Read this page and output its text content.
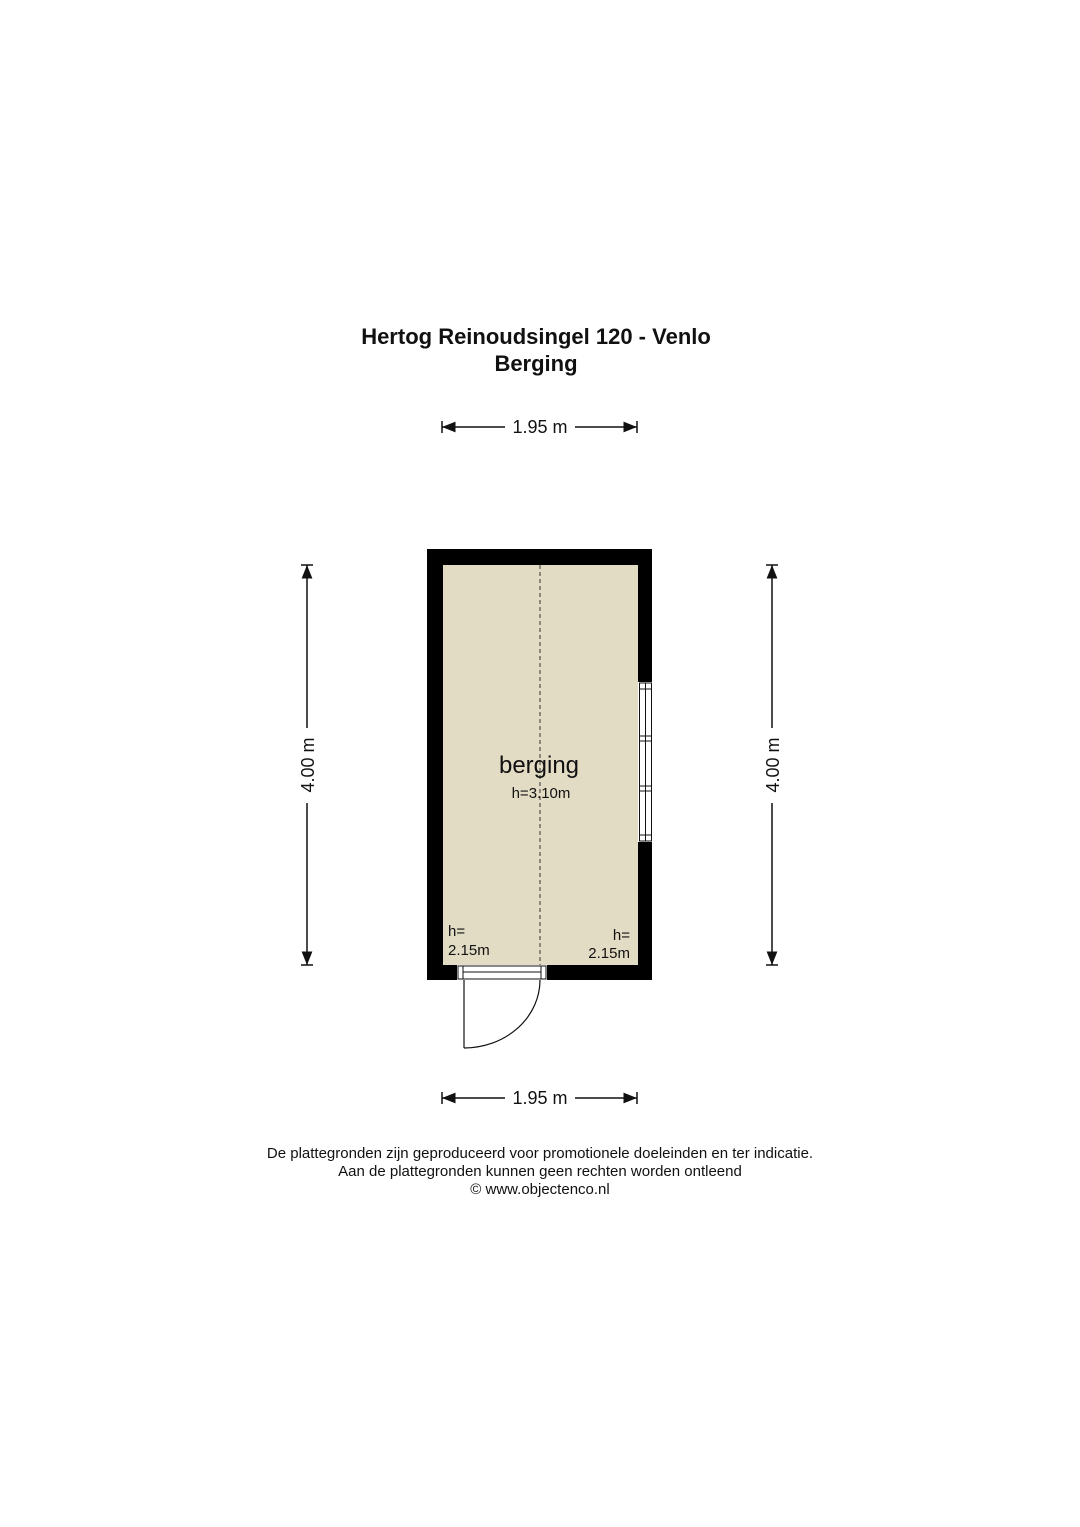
Hertog Reinoudsingel 120 - Venlo
Berging
1.95 m
4.00 m	4.00 m
berging
h=3.10m
h=
2.15m
h=
2.15m
1.95 m
De plattegronden zijn geproduceerd voor promotionele doeleinden en ter indicatie.
Aan de plattegronden kunnen geen rechten worden ontleend
© www.objectenco.nl
